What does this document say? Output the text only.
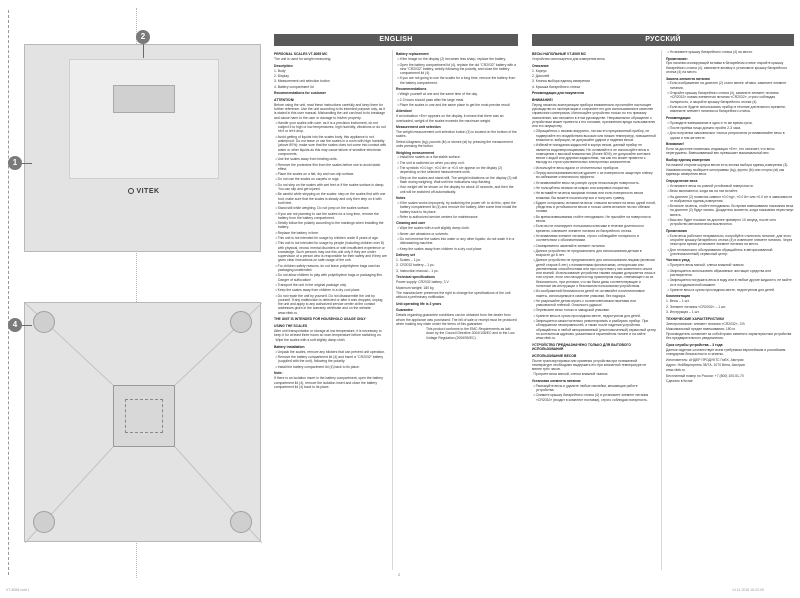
VITEK
2
1
4
VT-8065.indd 1
2
14.11.2016 16:22:05
ENGLISH	РУССКИЙ

PERSONAL SCALES VT-8065 MC

The unit is used for weight measuring.

Description

1. Body

2. Display

3. Measurement unit selection button

4. Battery compartment lid

Recommendations for customer

ATTENTION!

Before using the unit, read these instructions carefully and keep them for further reference. Use the unit according to its intended purpose only, as it is stated in this user manual. Mishandling the unit can lead to its breakage and cause harm to the user or damage to his/her property.

• Handle your scales with care, as it is a precision instrument, do not subject it to high or low temperatures, high humidity, vibrations or do not hit it or let it drop.

• Avoid getting of liquids into the scales body, this appliance is not waterproof. Do not leave or use the scales in a room with high humidity (above 80%); make sure that the scales does not come into contact with water or other liquids as this may cause failure of sensitive electronic components.

• Use the scales away from heating units.

• Remove the protective film from the scales before use to avoid static effect.

• Place the scales on a flat, dry and non-slip surface.

• Do not use the scales on carpets or rugs.

• Do not step on the scales with wet feet or if the scales surface is damp. You can slip and get injured.

• Be careful while stepping on the scales: step on the scales first with one foot, make sure that the scales is steady and only then step on it with both feet.

• Stand still while weighing. Do not jump on the scales surface.

• If you are not planning to use the scales for a long time, remove the battery from the battery compartment.

• Strictly follow the polarity according to the markings when installing the battery.

• Replace the battery in time.

• This unit is not intended for usage by children under 8 years of age.

• This unit is not intended for usage by people (including children over 8) with physical, neural, mental disorders or with insufficient experience or knowledge. Such persons may use this unit only if they are under supervision of a person who is responsible for their safety and if they are given clear instructions on safe usage of the unit.

• For children safety reasons, do not leave polyethylene bags used as packaging unattended.

• Do not allow children to play with polyethylene bags or packaging film. Danger of suffocation!

• Transport the unit in the original package only.

• Keep the scales away from children in a dry cool place.

• Do not repair the unit by yourself. Do not disassemble the unit by yourself. If any malfunction is detected or after it was dropped, unplug the unit and apply to any authorized service center at the contact addresses given in the warranty certificate and on the website www.vitek.ru.

THE UNIT IS INTENDED FOR HOUSEHOLD USAGE ONLY

USING THE SCALES

After unit transportation or storage at low temperature, it is necessary to keep it for at least three hours at room temperature before switching on.

Wipe the scales with a soft slightly damp cloth.

Battery installation

• Unpack the scales, remove any stickers that can prevent unit operation.

• Remove the battery compartment lid (4) and insert a "CR2032" battery (supplied with the unit), following the polarity.

• Install the battery compartment lid (4) back to its place.

Note:

If there is an isolation insert in the battery compartment, open the battery compartment lid (4), remove the isolation insert and close the battery compartment lid (4) back to its place.

Battery replacement

• If the image on the display (2) becomes less sharp, replace the battery.

• Open the battery compartment lid (4), replace the old "CR2032" battery with a new "CR2032" battery, strictly following the polarity, and close the battery compartment lid (4).

• If you are not going to use the scales for a long time, remove the battery from the battery compartment.

Recommendations

• Weigh yourself at one and the same time of the day.

• 2-3 hours should pass after the large meal.

• Place the scales in one and the same place to get the most precise result.

Attention!

If an indication «Err» appears on the display, it means that there was an overloaded, weight of the scales exceeds the maximum weight.

Measurement unit selection

The weight measurement unit selection button (3) is located on the bottom of the scales.

Select kilograms (kg), pounds (lb) or stones (st) by pressing the measurement units pressing the button.

Weighing measurement

• Install the scales on a flat stable surface.

• The unit is switched on when you step on it.

• The symbols «0.0 kg», «0.0 lb» or «0.0 st» appear on the display (2) depending on the selected measurement units.

• Step on the scales and stand still. The weight indications on the display (2) will flash during weighing. Wait until the indications stop flashing.

• Your weight will be shown on the display for about 10 seconds, and then the unit will be switched off automatically.

Notes

• If the scales works improperly, try switching the power off: to do this, open the battery compartment lid (4) and remove the battery. After some time install the battery back to its place.

• Refer to authorized service centers for maintenance.

Cleaning and care

• Wipe the scales with a soft slightly damp cloth.

• Never use abrasives or solvents.

• Do not immerse the scales into water or any other liquids; do not wash it in a dishwashing machine.

• Keep the scales away from children in a dry cool place.

Delivery set

1. Scales – 1 pc.

2. CR2032 battery – 1 pc.

3. Instruction manual – 1 pc.

Technical specifications

Power supply: CR2032 battery, 3 V

Maximum weight: 180 kg

The manufacturer preserves the right to change the specifications of the unit without a preliminary notification.

Unit operating life is 3 years

Guarantee

Details regarding guarantee conditions can be obtained from the dealer from whom the appliance was purchased. The bill of sale or receipt must be produced when making any claim under the terms of this guarantee.

This product conforms to the EMC-Requirements as laid down by the Council Directive 2004/108/EC and to the Low Voltage Regulation (2006/95/EC).

ВЕСЫ НАПОЛЬНЫЕ VT-8065 MC

Устройство используется для измерения веса.

Описание

1. Корпус

2. Дисплей

3. Кнопка выбора единиц измерения

4. Крышка батарейного отсека

Рекомендации для покупателя

ВНИМАНИЕ!

Перед началом эксплуатации прибора внимательно прочитайте настоящее руководство по эксплуатации и сохраните его для использования в качестве справочного материала. Используйте устройство только по его прямому назначению, как изложено в этом руководстве. Неправильное обращение с устройством может привести к его поломке, причинению вреда пользователю или его имуществу.

• Обращайтесь с весами аккуратно, так как это прецизионный прибор, не подвергайте его воздействию высоких или низких температур, повышенной влажности, вибрации, не допускайте ударов и падения весов.

• Избегайте попадания жидкостей в корпус весов, данный прибор не является водонепроницаемым. Не оставляйте и не используйте весы в помещении с высокой влажностью (более 80%), не допускайте контакта весов с водой или другими жидкостями, так как это может привести к выходу из строя чувствительных электронных компонентов.

• Используйте весы вдали от отопительных приборов.

• Перед использованием весов удалите с их поверхности защитную плёнку во избежание статического эффекта.

• Устанавливайте весы на ровную сухую нескользкую поверхность.

• Не пользуйтесь весами на коврах или ковровых покрытиях.

• Не вставайте на весы мокрыми ногами или если поверхность весов влажная. Вы можете поскользнуться и получить травму.

• Будьте осторожны, вставая на весы: сначала встаньте на весы одной ногой, убедитесь в устойчивости весов и только затем встаньте на них обеими ногами.

• Во время взвешивания стойте неподвижно. Не прыгайте на поверхности весов.

• Если вы не планируете пользоваться весами в течение длительного времени, извлеките элемент питания из батарейного отсека.

• Устанавливая элемент питания, строго соблюдайте полярность в соответствии с обозначениями.

• Своевременно заменяйте элемент питания.

• Данное устройство не предназначено для использования детьми в возрасте до 8 лет.

• Данное устройство не предназначено для использования лицами (включая детей старше 8 лет) с пониженными физическими, сенсорными или умственными способностями или при отсутствии у них жизненного опыта или знаний. Использование устройства такими лицами допускается лишь в том случае, если они находятся под присмотром лица, отвечающего за их безопасность, при условии, что им были даны соответствующие и понятные им инструкции о безопасном пользовании устройством.

• Из соображений безопасности детей не оставляйте полиэтиленовые пакеты, используемые в качестве упаковки, без надзора.

• Не разрешайте детям играть с полиэтиленовыми пакетами или упаковочной плёнкой. Опасность удушья!

• Перевозите весы только в заводской упаковке.

• Храните весы в сухом прохладном месте, недоступном для детей.

• Запрещается самостоятельно ремонтировать и разбирать прибор. При обнаружении неисправностей, а также после падения устройства обращайтесь в любой авторизованный (уполномоченный) сервисный центр по контактным адресам, указанным в гарантийном талоне и на сайте www.vitek.ru.

УСТРОЙСТВО ПРЕДНАЗНАЧЕНО ТОЛЬКО ДЛЯ БЫТОВОГО ИСПОЛЬЗОВАНИЯ

ИСПОЛЬЗОВАНИЕ ВЕСОВ

После транспортировки или хранения устройства при пониженной температуре необходимо выдержать его при комнатной температуре не менее трёх часов.

Протрите весы мягкой, слегка влажной тканью.

Установка элемента питания

• Распакуйте весы и удалите любые наклейки, мешающие работе устройства.

• Снимите крышку батарейного отсека (4) и установите элемент питания «CR2032» (входит в комплект поставки), строго соблюдая полярность.

• Установите крышку батарейного отсека (4) на место.

Примечание:

При наличии изолирующей вставки в батарейном отсеке откройте крышку батарейного отсека (4), извлеките вставку и установите крышку батарейного отсека (4) на место.

Замена элемента питания

• Если изображение на дисплее (2) стало менее чётким, замените элемент питания.

• Откройте крышку батарейного отсека (4), замените элемент питания «CR2032» новым элементом питания «CR2032», строго соблюдая полярность, и закройте крышку батарейного отсека (4).

• Если вы не будете использовать прибор в течение длительного времени, извлеките элемент питания из батарейного отсека.

Рекомендации

• Проводите взвешивание в одно и то же время суток.

• После приёма пищи должно пройти 2-3 часа.

• Для получения максимально точных результатов устанавливайте весы в одном и том же месте.

Внимание!

Если на дисплее появилась индикация «Err», это означает, что весы перегружены. Взвешиваемый вес превышает максимальный вес.

Выбор единиц измерения

На нижней стороне корпуса весов есть кнопка выбора единиц измерения (3).

Нажимая кнопку, выберите килограммы (kg), фунты (lb) или стоуны (st) как единицы измерения веса.

Определение веса

• Установите весы на ровной устойчивой поверхности.

• Весы включаются, когда вы на них встаёте.

• На дисплее (2) появится символ «0.0 kg», «0.0 lb» или «0.0 st» в зависимости от выбранных единиц измерения.

• Встаньте на весы, стойте неподвижно. Во время взвешивания показания веса на дисплее (2) будут мигать. Дождитесь момента, когда показания перестанут мигать.

• Ваш вес будет показан на дисплее примерно 10 секунд, после чего устройство автоматически выключится.

Примечания

• Если весы работают неправильно, попробуйте отключить питание, для этого откройте крышку батарейного отсека (4) и извлеките элемент питания. Через некоторое время установите элемент питания на место.

• Для технического обслуживания обращайтесь в авторизованный (уполномоченный) сервисный центр.

Чистка и уход

• Протрите весы мягкой, слегка влажной тканью.

• Запрещается использовать абразивные чистящие средства или растворители.

• Запрещается погружать весы в воду или в любые другие жидкости, не мойте их в посудомоечной машине.

• Храните весы в сухом прохладном месте, недоступном для детей.

Комплектация

1. Весы – 1 шт.

2. Элемент питания «CR2032» – 1 шт.

3. Инструкция – 1 шт.

ТЕХНИЧЕСКИЕ ХАРАКТЕРИСТИКИ

Электропитание: элемент питания «CR2032», 3 В

Максимальный предел взвешивания: 180 кг

Производитель оставляет за собой право изменять характеристики устройства без предварительного уведомления.

Срок службы устройства – 3 года

Данное изделие соответствует всем требуемым европейским и российским стандартам безопасности и гигиены.

Изготовитель: АНДЕР ПРОДУКТС ГмбХ, Австрия

Адрес: Нойбаугюртель 38/7А, 1070 Вена, Австрия

www.vitek.ru

Бесплатный номер по России: +7 (800) 100-51-70

Сделано в Китае
